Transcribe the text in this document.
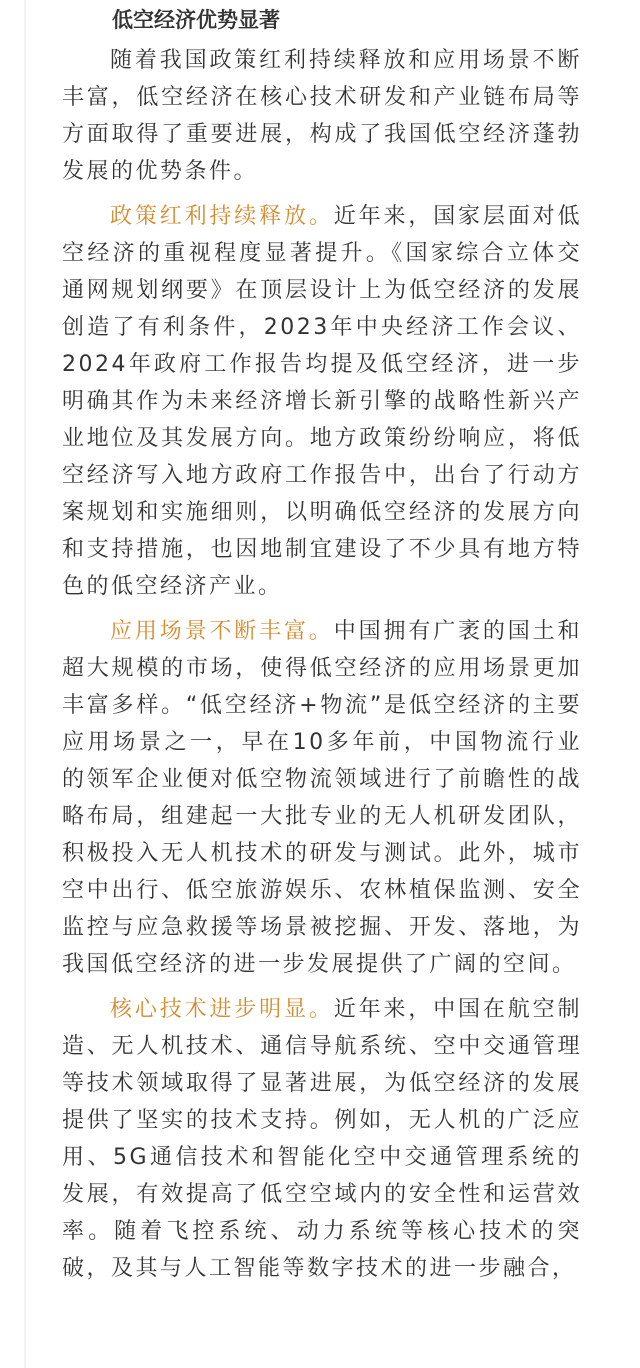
低空经济优势显著

随着我国政策红利持续释放和应用场景不断丰富，低空经济在核心技术研发和产业链布局等方面取得了重要进展，构成了我国低空经济蓬勃发展的优势条件。

政策红利持续释放。近年来，国家层面对低空经济的重视程度显著提升。《国家综合立体交通网规划纲要》在顶层设计上为低空经济的发展创造了有利条件，2023年中央经济工作会议、2024年政府工作报告均提及低空经济，进一步明确其作为未来经济增长新引擎的战略性新兴产业地位及其发展方向。地方政策纷纷响应，将低空经济写入地方政府工作报告中，出台了行动方案规划和实施细则，以明确低空经济的发展方向和支持措施，也因地制宜建设了不少具有地方特色的低空经济产业。

应用场景不断丰富。中国拥有广袤的国土和超大规模的市场，使得低空经济的应用场景更加丰富多样。“低空经济+物流”是低空经济的主要应用场景之一，早在10多年前，中国物流行业的领军企业便对低空物流领域进行了前瞻性的战略布局，组建起一大批专业的无人机研发团队，积极投入无人机技术的研发与测试。此外，城市空中出行、低空旅游娱乐、农林植保监测、安全监控与应急救援等场景被挖掘、开发、落地，为我国低空经济的进一步发展提供了广阔的空间。

核心技术进步明显。近年来，中国在航空制造、无人机技术、通信导航系统、空中交通管理等技术领域取得了显著进展，为低空经济的发展提供了坚实的技术支持。例如，无人机的广泛应用、5G通信技术和智能化空中交通管理系统的发展，有效提高了低空空域内的安全性和运营效率。随着飞控系统、动力系统等核心技术的突破，及其与人工智能等数字技术的进一步融合，
